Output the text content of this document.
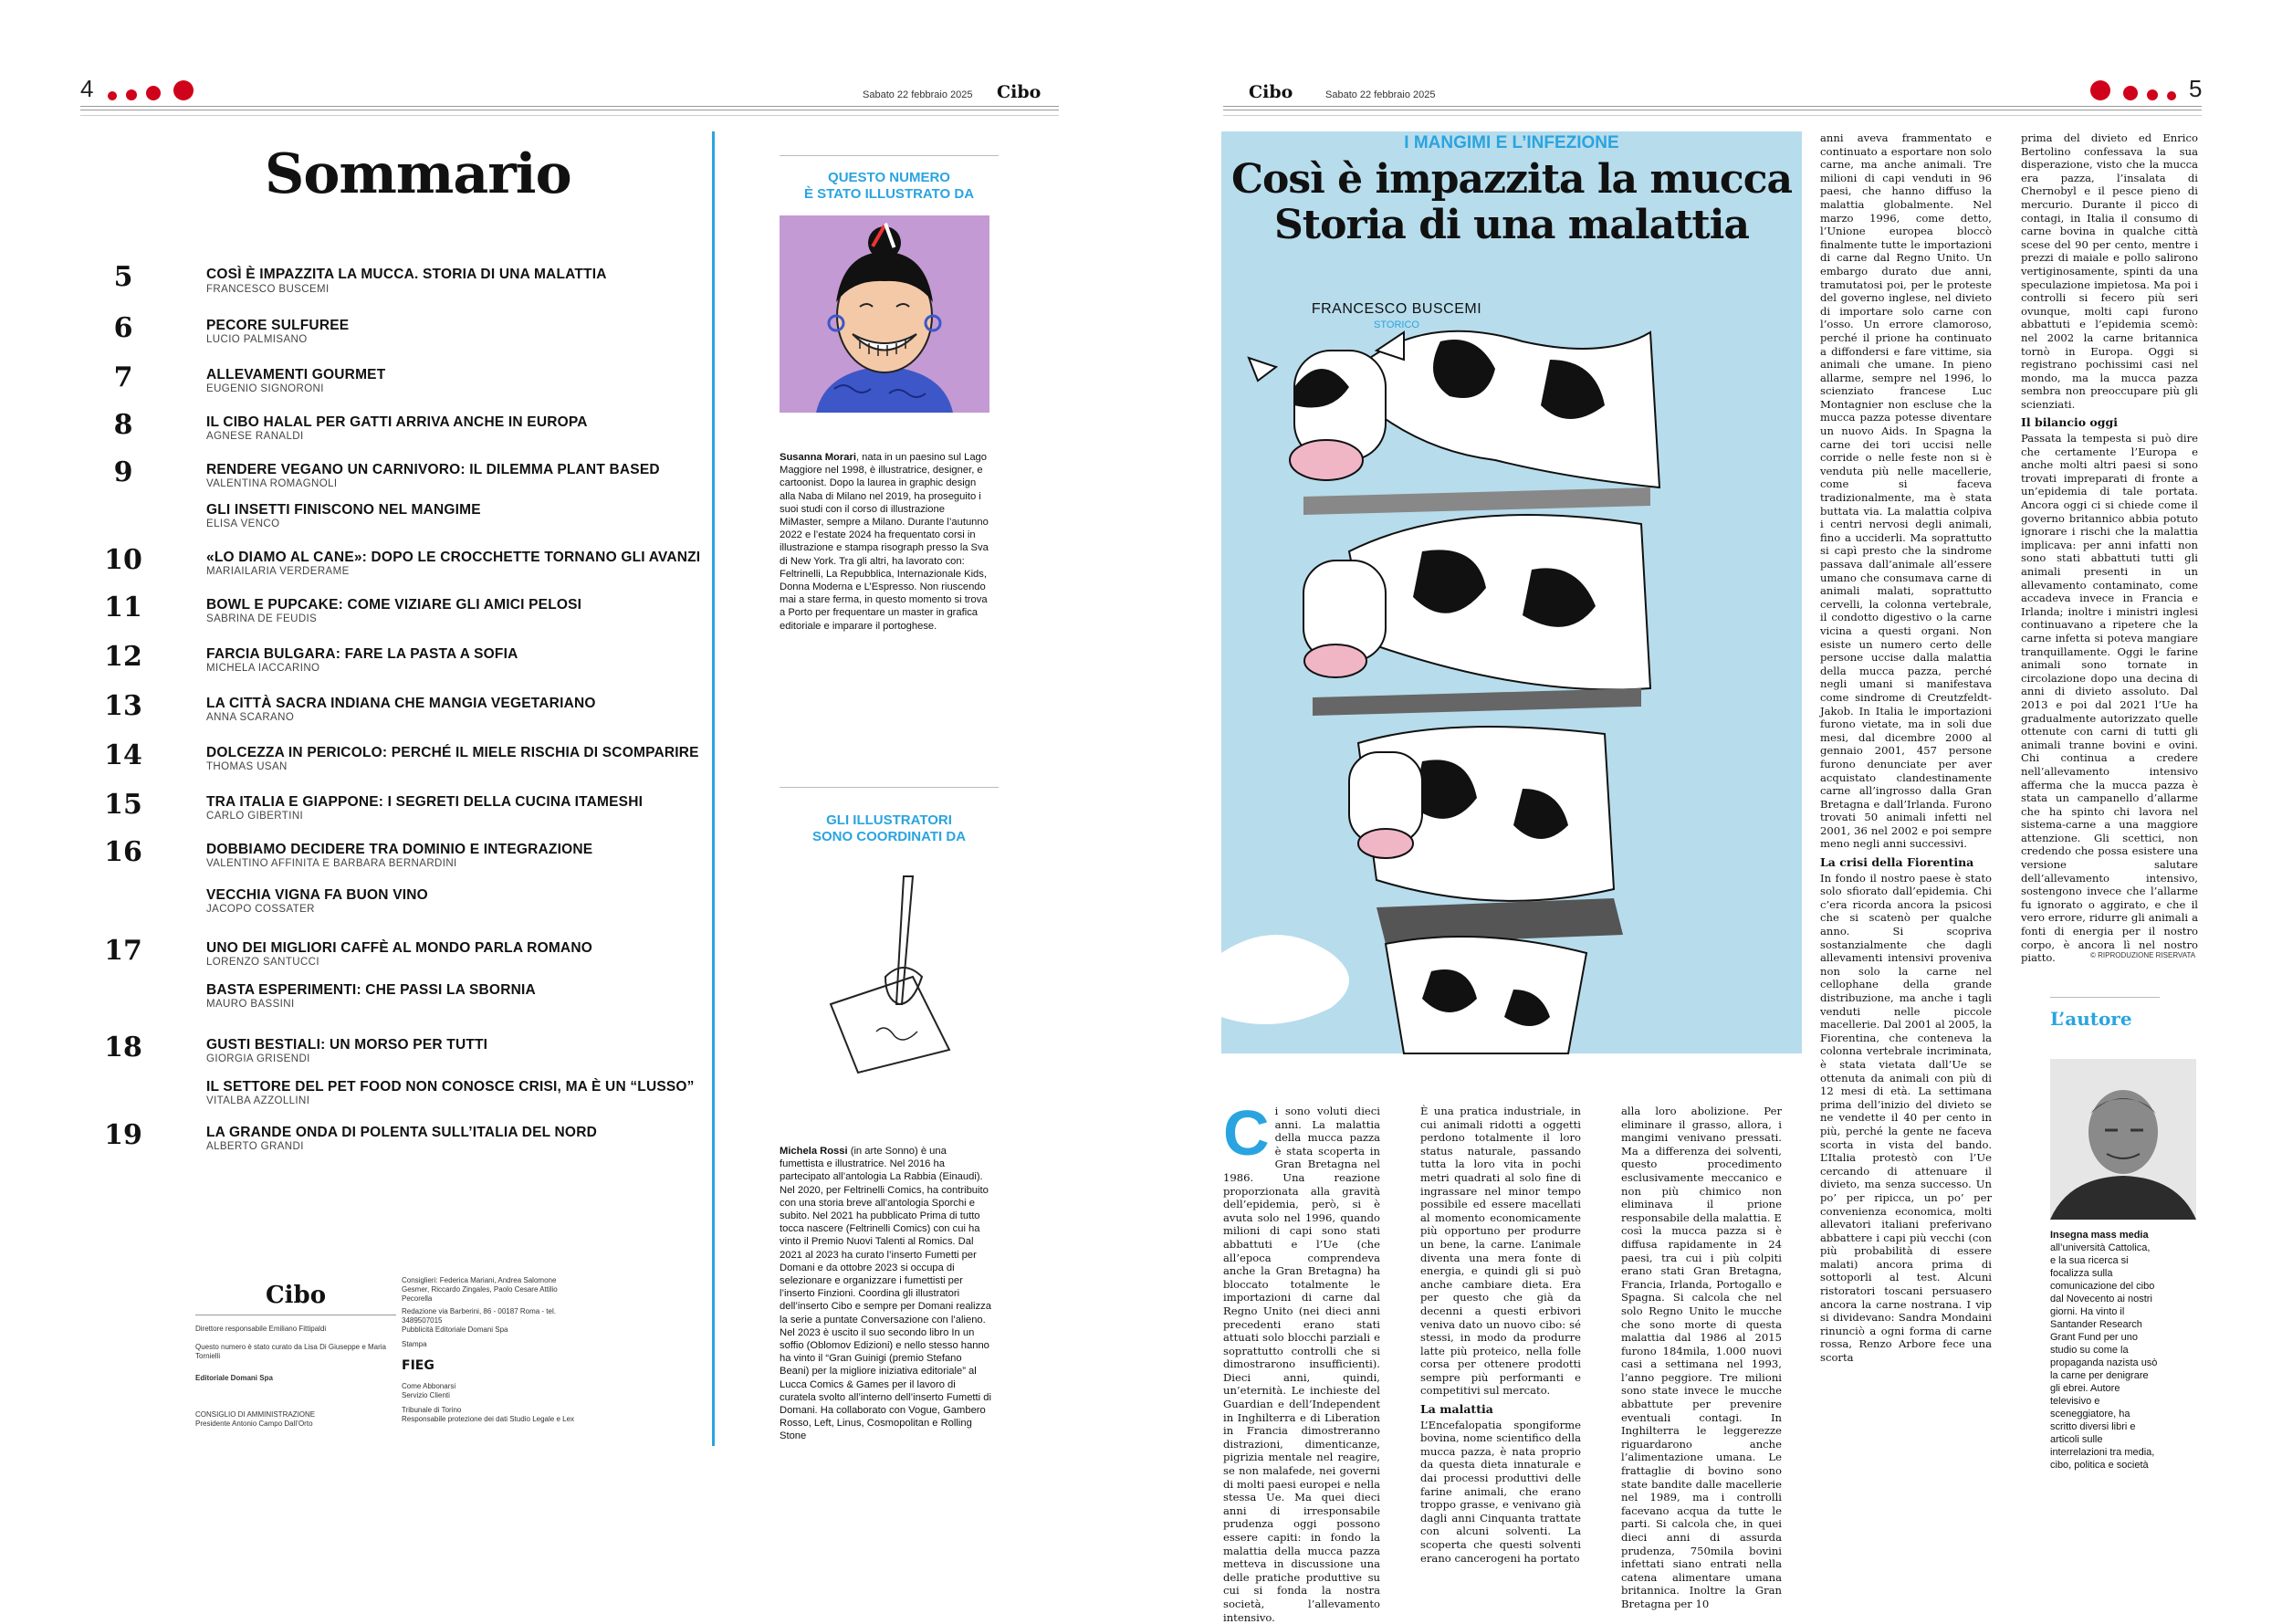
4	Sabato 22 febbraio 2025 Cibo
Sommario
5	COSÌ È IMPAZZITA LA MUCCA. STORIA DI UNA MALATTIA
FRANCESCO BUSCEMI
6	PECORE SULFUREE
LUCIO PALMISANO
7	ALLEVAMENTI GOURMET
EUGENIO SIGNORONI
8	IL CIBO HALAL PER GATTI ARRIVA ANCHE IN EUROPA
AGNESE RANALDI
9	RENDERE VEGANO UN CARNIVORO: IL DILEMMA PLANT BASED
VALENTINA ROMAGNOLI
GLI INSETTI FINISCONO NEL MANGIME
ELISA VENCO
10	«LO DIAMO AL CANE»: DOPO LE CROCCHETTE TORNANO GLI AVANZI
MARIAILARIA VERDERAME
11	BOWL E PUPCAKE: COME VIZIARE GLI AMICI PELOSI
SABRINA DE FEUDIS
12	FARCIA BULGARA: FARE LA PASTA A SOFIA
MICHELA IACCARINO
13	LA CITTÀ SACRA INDIANA CHE MANGIA VEGETARIANO
ANNA SCARANO
14	DOLCEZZA IN PERICOLO: PERCHÉ IL MIELE RISCHIA DI SCOMPARIRE
THOMAS USAN
15	TRA ITALIA E GIAPPONE: I SEGRETI DELLA CUCINA ITAMESHI
CARLO GIBERTINI
16	DOBBIAMO DECIDERE TRA DOMINIO E INTEGRAZIONE
VALENTINO AFFINITA E BARBARA BERNARDINI
VECCHIA VIGNA FA BUON VINO
JACOPO COSSATER
17	UNO DEI MIGLIORI CAFFÈ AL MONDO PARLA ROMANO
LORENZO SANTUCCI
BASTA ESPERIMENTI: CHE PASSI LA SBORNIA
MAURO BASSINI
18	GUSTI BESTIALI: UN MORSO PER TUTTI
GIORGIA GRISENDI
IL SETTORE DEL PET FOOD NON CONOSCE CRISI, MA È UN “LUSSO”
VITALBA AZZOLLINI
19	LA GRANDE ONDA DI POLENTA SULL’ITALIA DEL NORD
ALBERTO GRANDI
Cibo
Direttore responsabile Emiliano Fittipaldi
Questo numero è stato curato da Lisa Di Giuseppe e Maria Tornielli
Editoriale Domani Spa
CONSIGLIO DI AMMINISTRAZIONE
Presidente Antonio Campo Dall’Orto
Consiglieri: Federica Mariani, Andrea Salomone Gesmer, Riccardo Zingales, Paolo Cesare Attilio Pecorella
Redazione via Barberini, 86 - 00187 Roma - tel. 3489507015
Pubblicità Editoriale Domani Spa
Stampa
FIEG
Come Abbonarsi
Servizio Clienti
Tribunale di Torino
Responsabile protezione dei dati Studio Legale e Lex
QUESTO NUMERO
È STATO ILLUSTRATO DA
Susanna Morari, nata in un paesino sul Lago Maggiore nel 1998, è illustratrice, designer, e cartoonist. Dopo la laurea in graphic design alla Naba di Milano nel 2019, ha proseguito i suoi studi con il corso di illustrazione MiMaster, sempre a Milano. Durante l’autunno 2022 e l’estate 2024 ha frequentato corsi in illustrazione e stampa risograph presso la Sva di New York. Tra gli altri, ha lavorato con: Feltrinelli, La Repubblica, Internazionale Kids, Donna Moderna e L’Espresso. Non riuscendo mai a stare ferma, in questo momento si trova a Porto per frequentare un master in grafica editoriale e imparare il portoghese.
GLI ILLUSTRATORI
SONO COORDINATI DA
Michela Rossi (in arte Sonno) è una fumettista e illustratrice. Nel 2016 ha partecipato all’antologia La Rabbia (Einaudi). Nel 2020, per Feltrinelli Comics, ha contribuito con una storia breve all’antologia Sporchi e subito. Nel 2021 ha pubblicato Prima di tutto tocca nascere (Feltrinelli Comics) con cui ha vinto il Premio Nuovi Talenti al Romics. Dal 2021 al 2023 ha curato l’inserto Fumetti per Domani e da ottobre 2023 si occupa di selezionare e organizzare i fumettisti per l’inserto Finzioni. Coordina gli illustratori dell’inserto Cibo e sempre per Domani realizza la serie a puntate Conversazione con l’alieno. Nel 2023 è uscito il suo secondo libro In un soffio (Oblomov Edizioni) e nello stesso hanno ha vinto il “Gran Guinigi (premio Stefano Beani) per la migliore iniziativa editoriale” al Lucca Comics & Games per il lavoro di curatela svolto all’interno dell’inserto Fumetti di Domani. Ha collaborato con Vogue, Gambero Rosso, Left, Linus, Cosmopolitan e Rolling Stone
Cibo	Sabato 22 febbraio 2025	5
I MANGIMI E L’INFEZIONE
Così è impazzita la mucca
Storia di una malattia
FRANCESCO BUSCEMI
STORICO
Ci sono voluti dieci anni. La malattia della mucca pazza è stata scoperta in Gran Bretagna nel 1986. Una reazione proporzionata alla gravità dell’epidemia, però, si è avuta solo nel 1996, quando milioni di capi sono stati abbattuti e l’Ue (che all’epoca comprendeva anche la Gran Bretagna) ha bloccato totalmente le importazioni di carne dal Regno Unito (nei dieci anni precedenti erano stati attuati solo blocchi parziali e soprattutto controlli che si dimostrarono insufficienti). Dieci anni, quindi, un’eternità. Le inchieste del Guardian e dell’Independent in Inghilterra e di Liberation in Francia dimostreranno distrazioni, dimenticanze, pigrizia mentale nel reagire, se non malafede, nei governi di molti paesi europei e nella stessa Ue. Ma quei dieci anni di irresponsabile prudenza oggi possono essere capiti: in fondo la malattia della mucca pazza metteva in discussione una delle pratiche produttive su cui si fonda la nostra società, l’allevamento intensivo.
È una pratica industriale, in cui animali ridotti a oggetti perdono totalmente il loro status naturale, passando tutta la loro vita in pochi metri quadrati al solo fine di ingrassare nel minor tempo possibile ed essere macellati al momento economicamente più opportuno per produrre un bene, la carne. L’animale diventa una mera fonte di energia, e quindi gli si può anche cambiare dieta. Era per questo che già da decenni a questi erbivori veniva dato un nuovo cibo: sé stessi, in modo da produrre latte più proteico, nella folle corsa per ottenere prodotti sempre più performanti e competitivi sul mercato.
La malattia
L’Encefalopatia spongiforme bovina, nome scientifico della mucca pazza, è nata proprio da questa dieta innaturale e dai processi produttivi delle farine animali, che erano troppo grasse, e venivano già dagli anni Cinquanta trattate con alcuni solventi. La scoperta che questi solventi erano cancerogeni ha portato
alla loro abolizione. Per eliminare il grasso, allora, i mangimi venivano pressati. Ma a differenza dei solventi, questo procedimento esclusivamente meccanico e non più chimico non eliminava il prione responsabile della malattia. E così la mucca pazza si è diffusa rapidamente in 24 paesi, tra cui i più colpiti erano stati Gran Bretagna, Francia, Irlanda, Portogallo e Spagna. Si calcola che nel solo Regno Unito le mucche che sono morte di questa malattia dal 1986 al 2015 furono 184mila, 1.000 nuovi casi a settimana nel 1993, l’anno peggiore. Tre milioni sono state invece le mucche abbattute per prevenire eventuali contagi. In Inghilterra le leggerezze riguardarono anche l’alimentazione umana. Le frattaglie di bovino sono state bandite dalle macellerie nel 1989, ma i controlli facevano acqua da tutte le parti. Si calcola che, in quei dieci anni di assurda prudenza, 750mila bovini infettati siano entrati nella catena alimentare umana britannica. Inoltre la Gran Bretagna per 10
anni aveva frammentato e continuato a esportare non solo carne, ma anche animali. Tre milioni di capi venduti in 96 paesi, che hanno diffuso la malattia globalmente. Nel marzo 1996, come detto, l’Unione europea bloccò finalmente tutte le importazioni di carne dal Regno Unito. Un embargo durato due anni, tramutatosi poi, per le proteste del governo inglese, nel divieto di importare solo carne con l’osso. Un errore clamoroso, perché il prione ha continuato a diffondersi e fare vittime, sia animali che umane. In pieno allarme, sempre nel 1996, lo scienziato francese Luc Montagnier non escluse che la mucca pazza potesse diventare un nuovo Aids. In Spagna la carne dei tori uccisi nelle corride o nelle feste non si è venduta più nelle macellerie, come si faceva tradizionalmente, ma è stata buttata via. La malattia colpiva i centri nervosi degli animali, fino a ucciderli. Ma soprattutto si capì presto che la sindrome passava dall’animale all’essere umano che consumava carne di animali malati, soprattutto cervelli, la colonna vertebrale, il condotto digestivo o la carne vicina a questi organi. Non esiste un numero certo delle persone uccise dalla malattia della mucca pazza, perché negli umani si manifestava come sindrome di Creutzfeldt-Jakob. In Italia le importazioni furono vietate, ma in soli due mesi, dal dicembre 2000 al gennaio 2001, 457 persone furono denunciate per aver acquistato clandestinamente carne all’ingrosso dalla Gran Bretagna e dall’Irlanda. Furono trovati 50 animali infetti nel 2001, 36 nel 2002 e poi sempre meno negli anni successivi.
La crisi della Fiorentina
In fondo il nostro paese è stato solo sfiorato dall’epidemia. Chi c’era ricorda ancora la psicosi che si scatenò per qualche anno. Si scopriva sostanzialmente che dagli allevamenti intensivi proveniva non solo la carne nel cellophane della grande distribuzione, ma anche i tagli venduti nelle piccole macellerie. Dal 2001 al 2005, la Fiorentina, che conteneva la colonna vertebrale incriminata, è stata vietata dall’Ue se ottenuta da animali con più di 12 mesi di età. La settimana prima dell’inizio del divieto se ne vendette il 40 per cento in più, perché la gente ne faceva scorta in vista del bando. L’Italia protestò con l’Ue cercando di attenuare il divieto, ma senza successo. Un po’ per ripicca, un po’ per convenienza economica, molti allevatori italiani preferivano abbattere i capi più vecchi (con più probabilità di essere malati) ancora prima di sottoporli al test. Alcuni ristoratori toscani persuasero ancora la carne nostrana. I vip si dividevano: Sandra Mondaini rinunciò a ogni forma di carne rossa, Renzo Arbore fece una scorta
prima del divieto ed Enrico Bertolino confessava la sua disperazione, visto che la mucca era pazza, l’insalata di Chernobyl e il pesce pieno di mercurio. Durante il picco di contagi, in Italia il consumo di carne bovina in qualche città scese del 90 per cento, mentre i prezzi di maiale e pollo salirono vertiginosamente, spinti da una speculazione impietosa. Ma poi i controlli si fecero più seri ovunque, molti capi furono abbattuti e l’epidemia scemò: nel 2002 la carne britannica tornò in Europa. Oggi si registrano pochissimi casi nel mondo, ma la mucca pazza sembra non preoccupare più gli scienziati.
Il bilancio oggi
Passata la tempesta si può dire che certamente l’Europa e anche molti altri paesi si sono trovati impreparati di fronte a un’epidemia di tale portata. Ancora oggi ci si chiede come il governo britannico abbia potuto ignorare i rischi che la malattia implicava: per anni infatti non sono stati abbattuti tutti gli animali presenti in un allevamento contaminato, come accadeva invece in Francia e Irlanda; inoltre i ministri inglesi continuavano a ripetere che la carne infetta si poteva mangiare tranquillamente. Oggi le farine animali sono tornate in circolazione dopo una decina di anni di divieto assoluto. Dal 2013 e poi dal 2021 l’Ue ha gradualmente autorizzato quelle ottenute con carni di tutti gli animali tranne bovini e ovini. Chi continua a credere nell’allevamento intensivo afferma che la mucca pazza è stata un campanello d’allarme che ha spinto chi lavora nel sistema-carne a una maggiore attenzione. Gli scettici, non credendo che possa esistere una versione salutare dell’allevamento intensivo, sostengono invece che l’allarme fu ignorato o aggirato, e che il vero errore, ridurre gli animali a fonti di energia per il nostro corpo, è ancora lì nel nostro piatto.	© RIPRODUZIONE RISERVATA
L’autore
Insegna mass media all’università Cattolica, e la sua ricerca si focalizza sulla comunicazione del cibo dal Novecento ai nostri giorni. Ha vinto il Santander Research Grant Fund per uno studio su come la propaganda nazista usò la carne per denigrare gli ebrei. Autore televisivo e sceneggiatore, ha scritto diversi libri e articoli sulle interrelazioni tra media, cibo, politica e società
